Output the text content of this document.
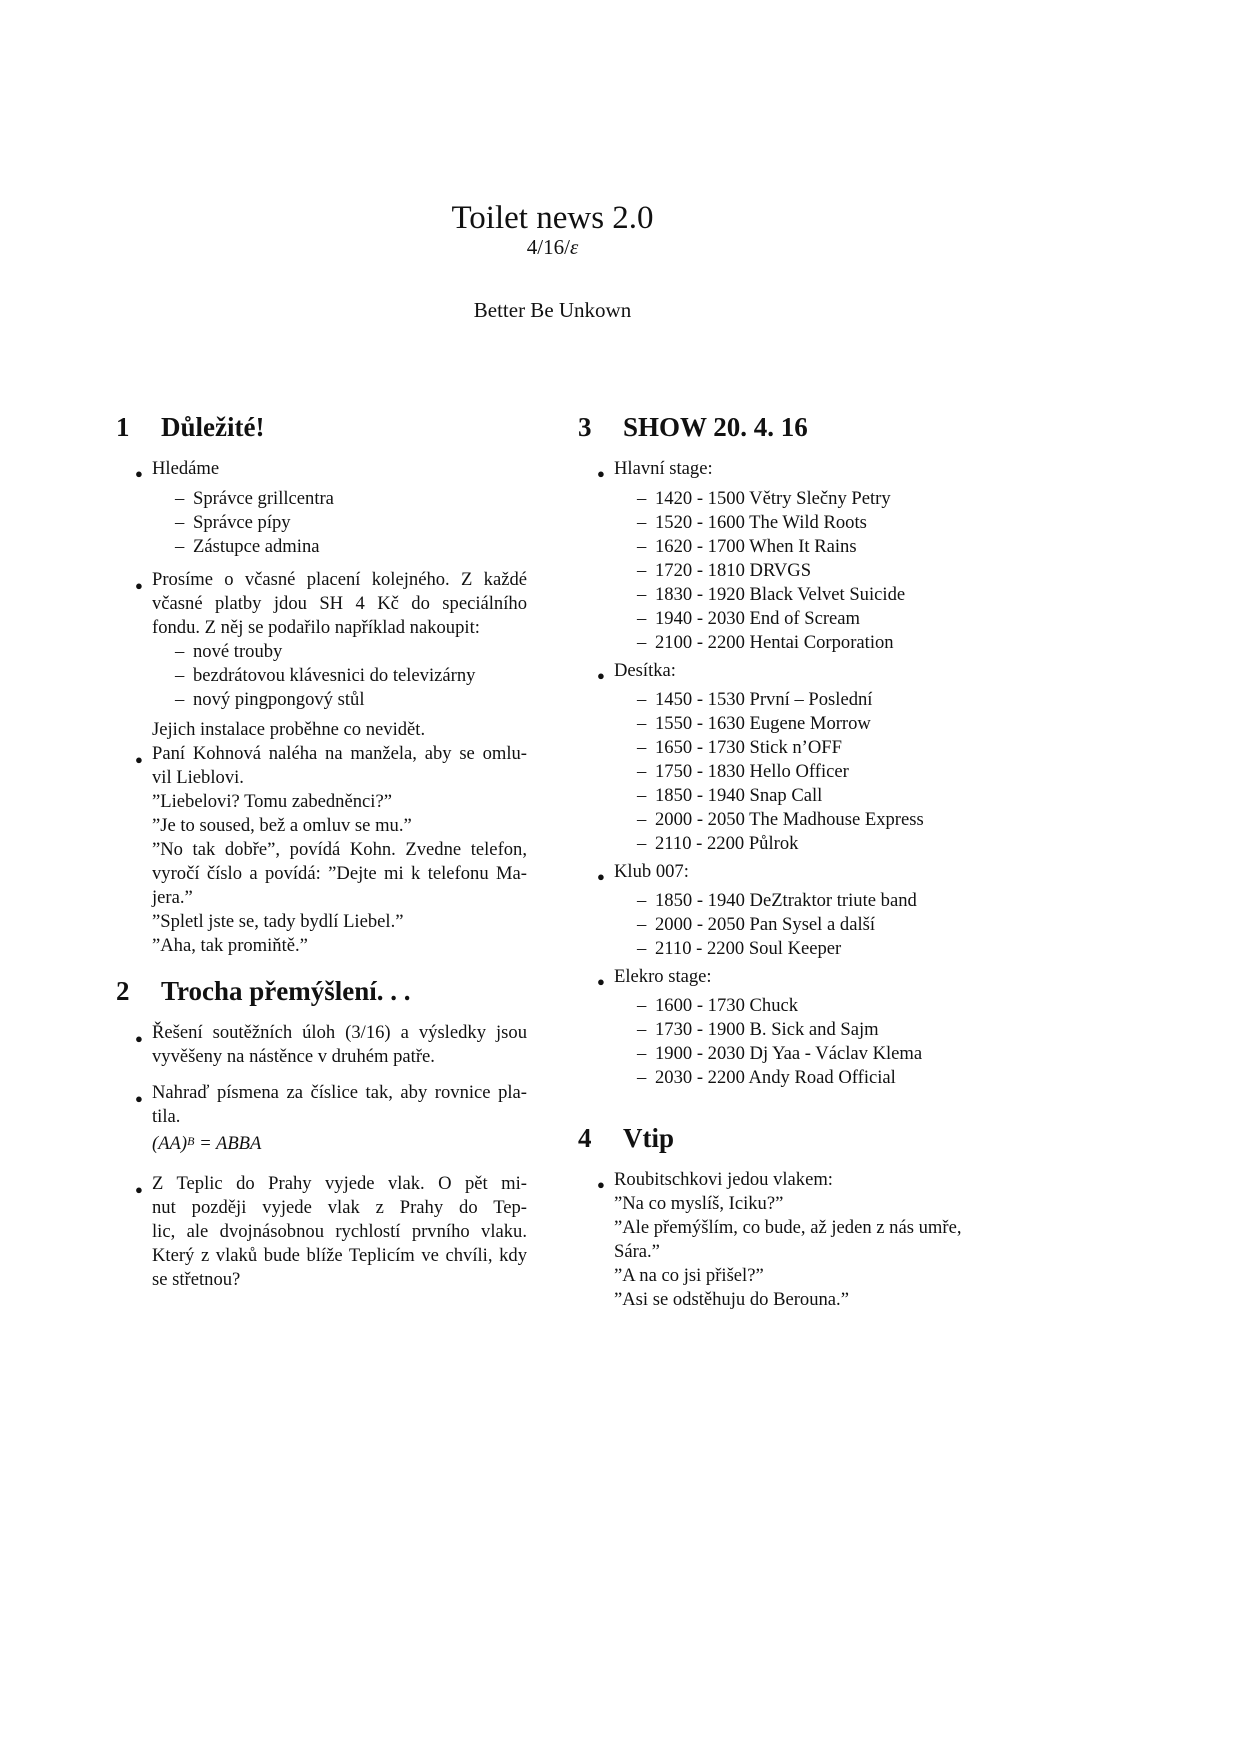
Toilet news 2.0
4/16/ε
Better Be Unkown
1 Důležité!
● Hledáme
– Správce grillcentra
– Správce pípy
– Zástupce admina
● Prosíme o včasné placení kolejného. Z každé
včasné platby jdou SH 4 Kč do speciálního
fondu. Z něj se podařilo například nakoupit:
– nové trouby
– bezdrátovou klávesnici do televizárny
– nový pingpongový stůl
Jejich instalace proběhne co nevidět.
● Paní Kohnová naléha na manžela, aby se omlu-
vil Lieblovi.
”Liebelovi? Tomu zabedněnci?”
”Je to soused, bež a omluv se mu.”
”No tak dobře”, povídá Kohn. Zvedne telefon,
vyročí číslo a povídá: ”Dejte mi k telefonu Ma-
jera.”
”Spletl jste se, tady bydlí Liebel.”
”Aha, tak promiňtě.”
2 Trocha přemýšlení. . .
● Řešení soutěžních úloh (3/16) a výsledky jsou
vyvěšeny na nástěnce v druhém patře.
● Nahraď písmena za číslice tak, aby rovnice pla-
tila.
(AA)$^B$ = ABBA
● Z Teplic do Prahy vyjede vlak. O pět mi-
nut později vyjede vlak z Prahy do Tep-
lic, ale dvojnásobnou rychlostí prvního vlaku.
Který z vlaků bude blíže Teplicím ve chvíli, kdy
se střetnou?
3 SHOW 20. 4. 16
● Hlavní stage:
– 1420 - 1500 Větry Slečny Petry
– 1520 - 1600 The Wild Roots
– 1620 - 1700 When It Rains
– 1720 - 1810 DRVGS
– 1830 - 1920 Black Velvet Suicide
– 1940 - 2030 End of Scream
– 2100 - 2200 Hentai Corporation
● Desítka:
– 1450 - 1530 První – Poslední
– 1550 - 1630 Eugene Morrow
– 1650 - 1730 Stick n’OFF
– 1750 - 1830 Hello Officer
– 1850 - 1940 Snap Call
– 2000 - 2050 The Madhouse Express
– 2110 - 2200 Půlrok
● Klub 007:
– 1850 - 1940 DeZtraktor triute band
– 2000 - 2050 Pan Sysel a další
– 2110 - 2200 Soul Keeper
● Elekro stage:
– 1600 - 1730 Chuck
– 1730 - 1900 B. Sick and Sajm
– 1900 - 2030 Dj Yaa - Václav Klema
– 2030 - 2200 Andy Road Official
4 Vtip
● Roubitschkovi jedou vlakem:
”Na co myslíš, Iciku?”
”Ale přemýšlím, co bude, až jeden z nás umře,
Sára.”
”A na co jsi přišel?”
”Asi se odstěhuju do Berouna.”
